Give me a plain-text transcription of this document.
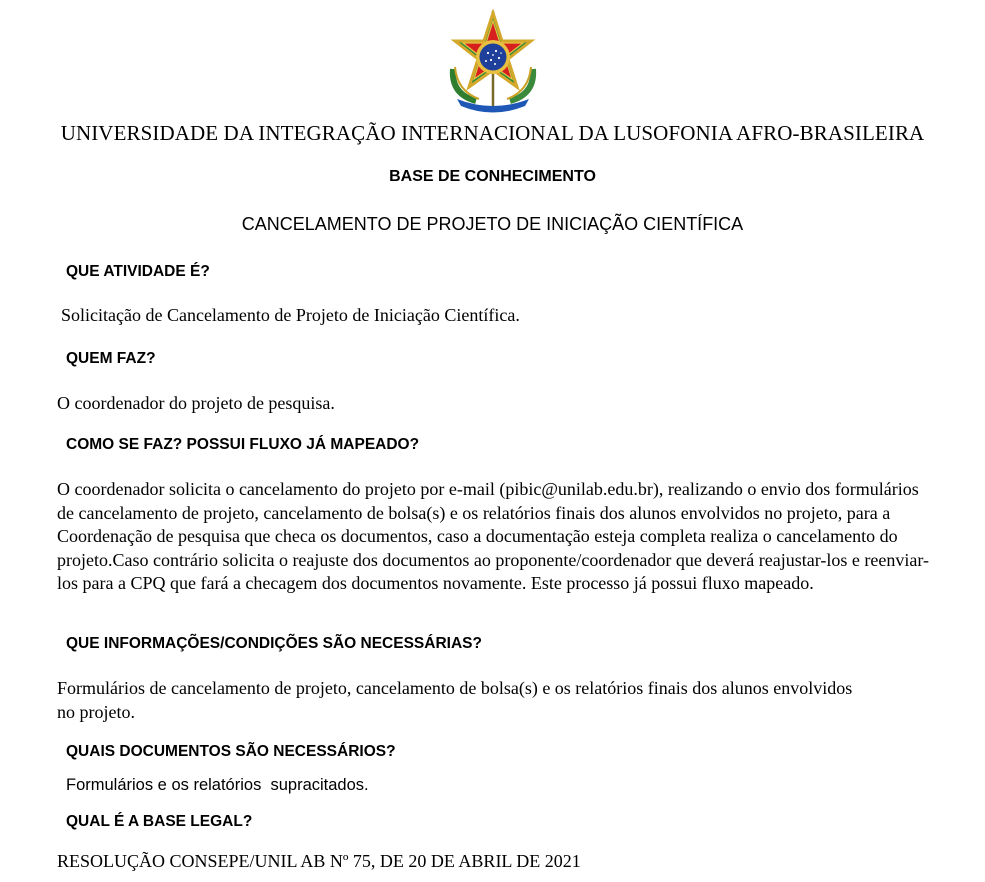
UNIVERSIDADE DA INTEGRAÇÃO INTERNACIONAL DA LUSOFONIA AFRO-BRASILEIRA
BASE DE CONHECIMENTO
CANCELAMENTO DE PROJETO DE INICIAÇÃO CIENTÍFICA
QUE ATIVIDADE É?
Solicitação de Cancelamento de Projeto de Iniciação Científica.
QUEM FAZ?
O coordenador do projeto de pesquisa.
COMO SE FAZ? POSSUI FLUXO JÁ MAPEADO?
O coordenador solicita o cancelamento do projeto por e-mail (pibic@unilab.edu.br), realizando o envio dos formulários de cancelamento de projeto, cancelamento de bolsa(s) e os relatórios finais dos alunos envolvidos no projeto, para a Coordenação de pesquisa que checa os documentos, caso a documentação esteja completa realiza o cancelamento do projeto.Caso contrário solicita o reajuste dos documentos ao proponente/coordenador que deverá reajustar-los e reenviar-los para a CPQ que fará a checagem dos documentos novamente. Este processo já possui fluxo mapeado.
QUE INFORMAÇÕES/CONDIÇÕES SÃO NECESSÁRIAS?
Formulários de cancelamento de projeto, cancelamento de bolsa(s) e os relatórios finais dos alunos envolvidos no projeto.
QUAIS DOCUMENTOS SÃO NECESSÁRIOS?
Formulários e os relatórios  supracitados.
QUAL É A BASE LEGAL?
RESOLUÇÃO CONSEPE/UNIL AB Nº 75, DE 20 DE ABRIL DE 2021
